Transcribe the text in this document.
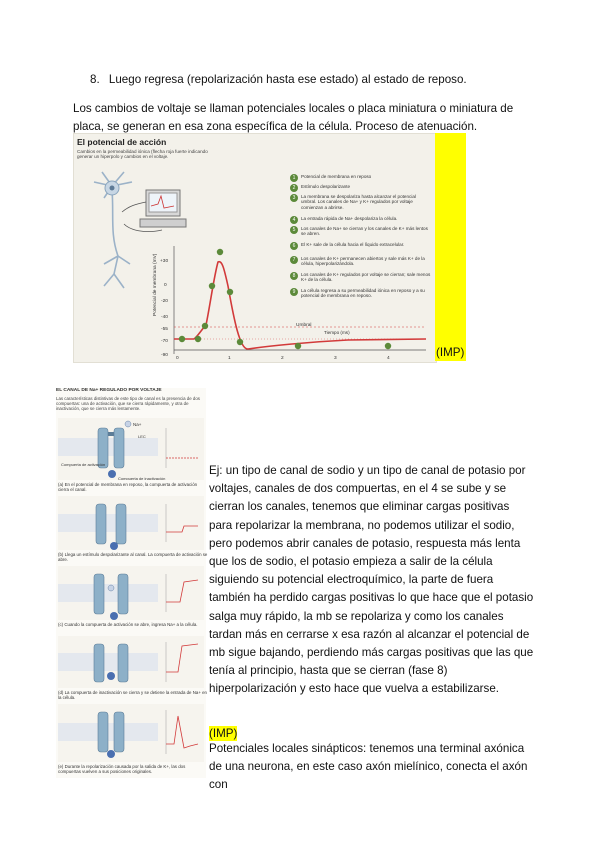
8. Luego regresa (repolarización hasta ese estado) al estado de reposo.
Los cambios de voltaje se llaman potenciales locales o placa miniatura o miniatura de placa, se generan en esa zona específica de la célula. Proceso de atenuación.
El potencial de acción
Cambios en la permeabilidad iónica (flecha roja fuerte indicando generar un hiperpolo y cambios en el voltaje.
Potencial de membrana (mV) +30
0
-20
-40
-55
-70
-90
0	1	2	3	4
Umbral
1	Potencial de membrana en reposo
2	Estímulo despolarizante
3	La membrana se despolariza hasta alcanzar el potencial umbral. Los canales de Na+ y K+ regulados por voltaje comienzan a abrirse.
4	La entrada rápida de Na+ despolariza la célula.
5	Los canales de Na+ se cierran y los canales de K+ más lentos se abren.
6	El K+ sale de la célula hacia el líquido extracelular.
7	Los canales de K+ permanecen abiertos y sale más K+ de la célula, hiperpolarizándola.
8	Los canales de K+ regulados por voltaje se cierran; sale menos K+ de la célula.
9	La célula regresa a su permeabilidad iónica en reposo y a su potencial de membrana en reposo.
Tiempo (ms)
(IMP)
EL CANAL DE Na+ REGULADO POR VOLTAJE
Las características distintivas de este tipo de canal es la presencia de dos compuertas: una de activación, que se cierra rápidamente, y otra de inactivación, que se cierra más lentamente.
Na+
LEC
Compuerta de activación
Compuerta de inactivación
(a) En el potencial de membrana en reposo, la compuerta de activación cierra el canal.
(b) Llega un estímulo despolarizante al canal. La compuerta de activación se abre.
(c) Cuando la compuerta de activación se abre, ingresa Na+ a la célula.
(d) La compuerta de inactivación se cierra y se detiene la entrada de Na+ en la célula.
(e) Durante la repolarización causada por la salida de K+, las dos compuertas vuelven a sus posiciones originales.
Ej: un tipo de canal de sodio y un tipo de canal de potasio por voltajes, canales de dos compuertas, en el 4 se sube y se cierran los canales, tenemos que eliminar cargas positivas para repolarizar la membrana, no podemos utilizar el sodio, pero podemos abrir canales de potasio, respuesta más lenta que los de sodio, el potasio empieza a salir de la célula siguiendo su potencial electroquímico, la parte de fuera también ha perdido cargas positivas lo que hace que el potasio salga muy rápido, la mb se repolariza y como los canales tardan más en cerrarse x esa razón al alcanzar el potencial de mb sigue bajando, perdiendo más cargas positivas que las que tenía al principio, hasta que se cierran (fase 8) hiperpolarización y esto hace que vuelva a estabilizarse.
(IMP)
Potenciales locales sinápticos: tenemos una terminal axónica de una neurona, en este caso axón mielínico, conecta el axón con
